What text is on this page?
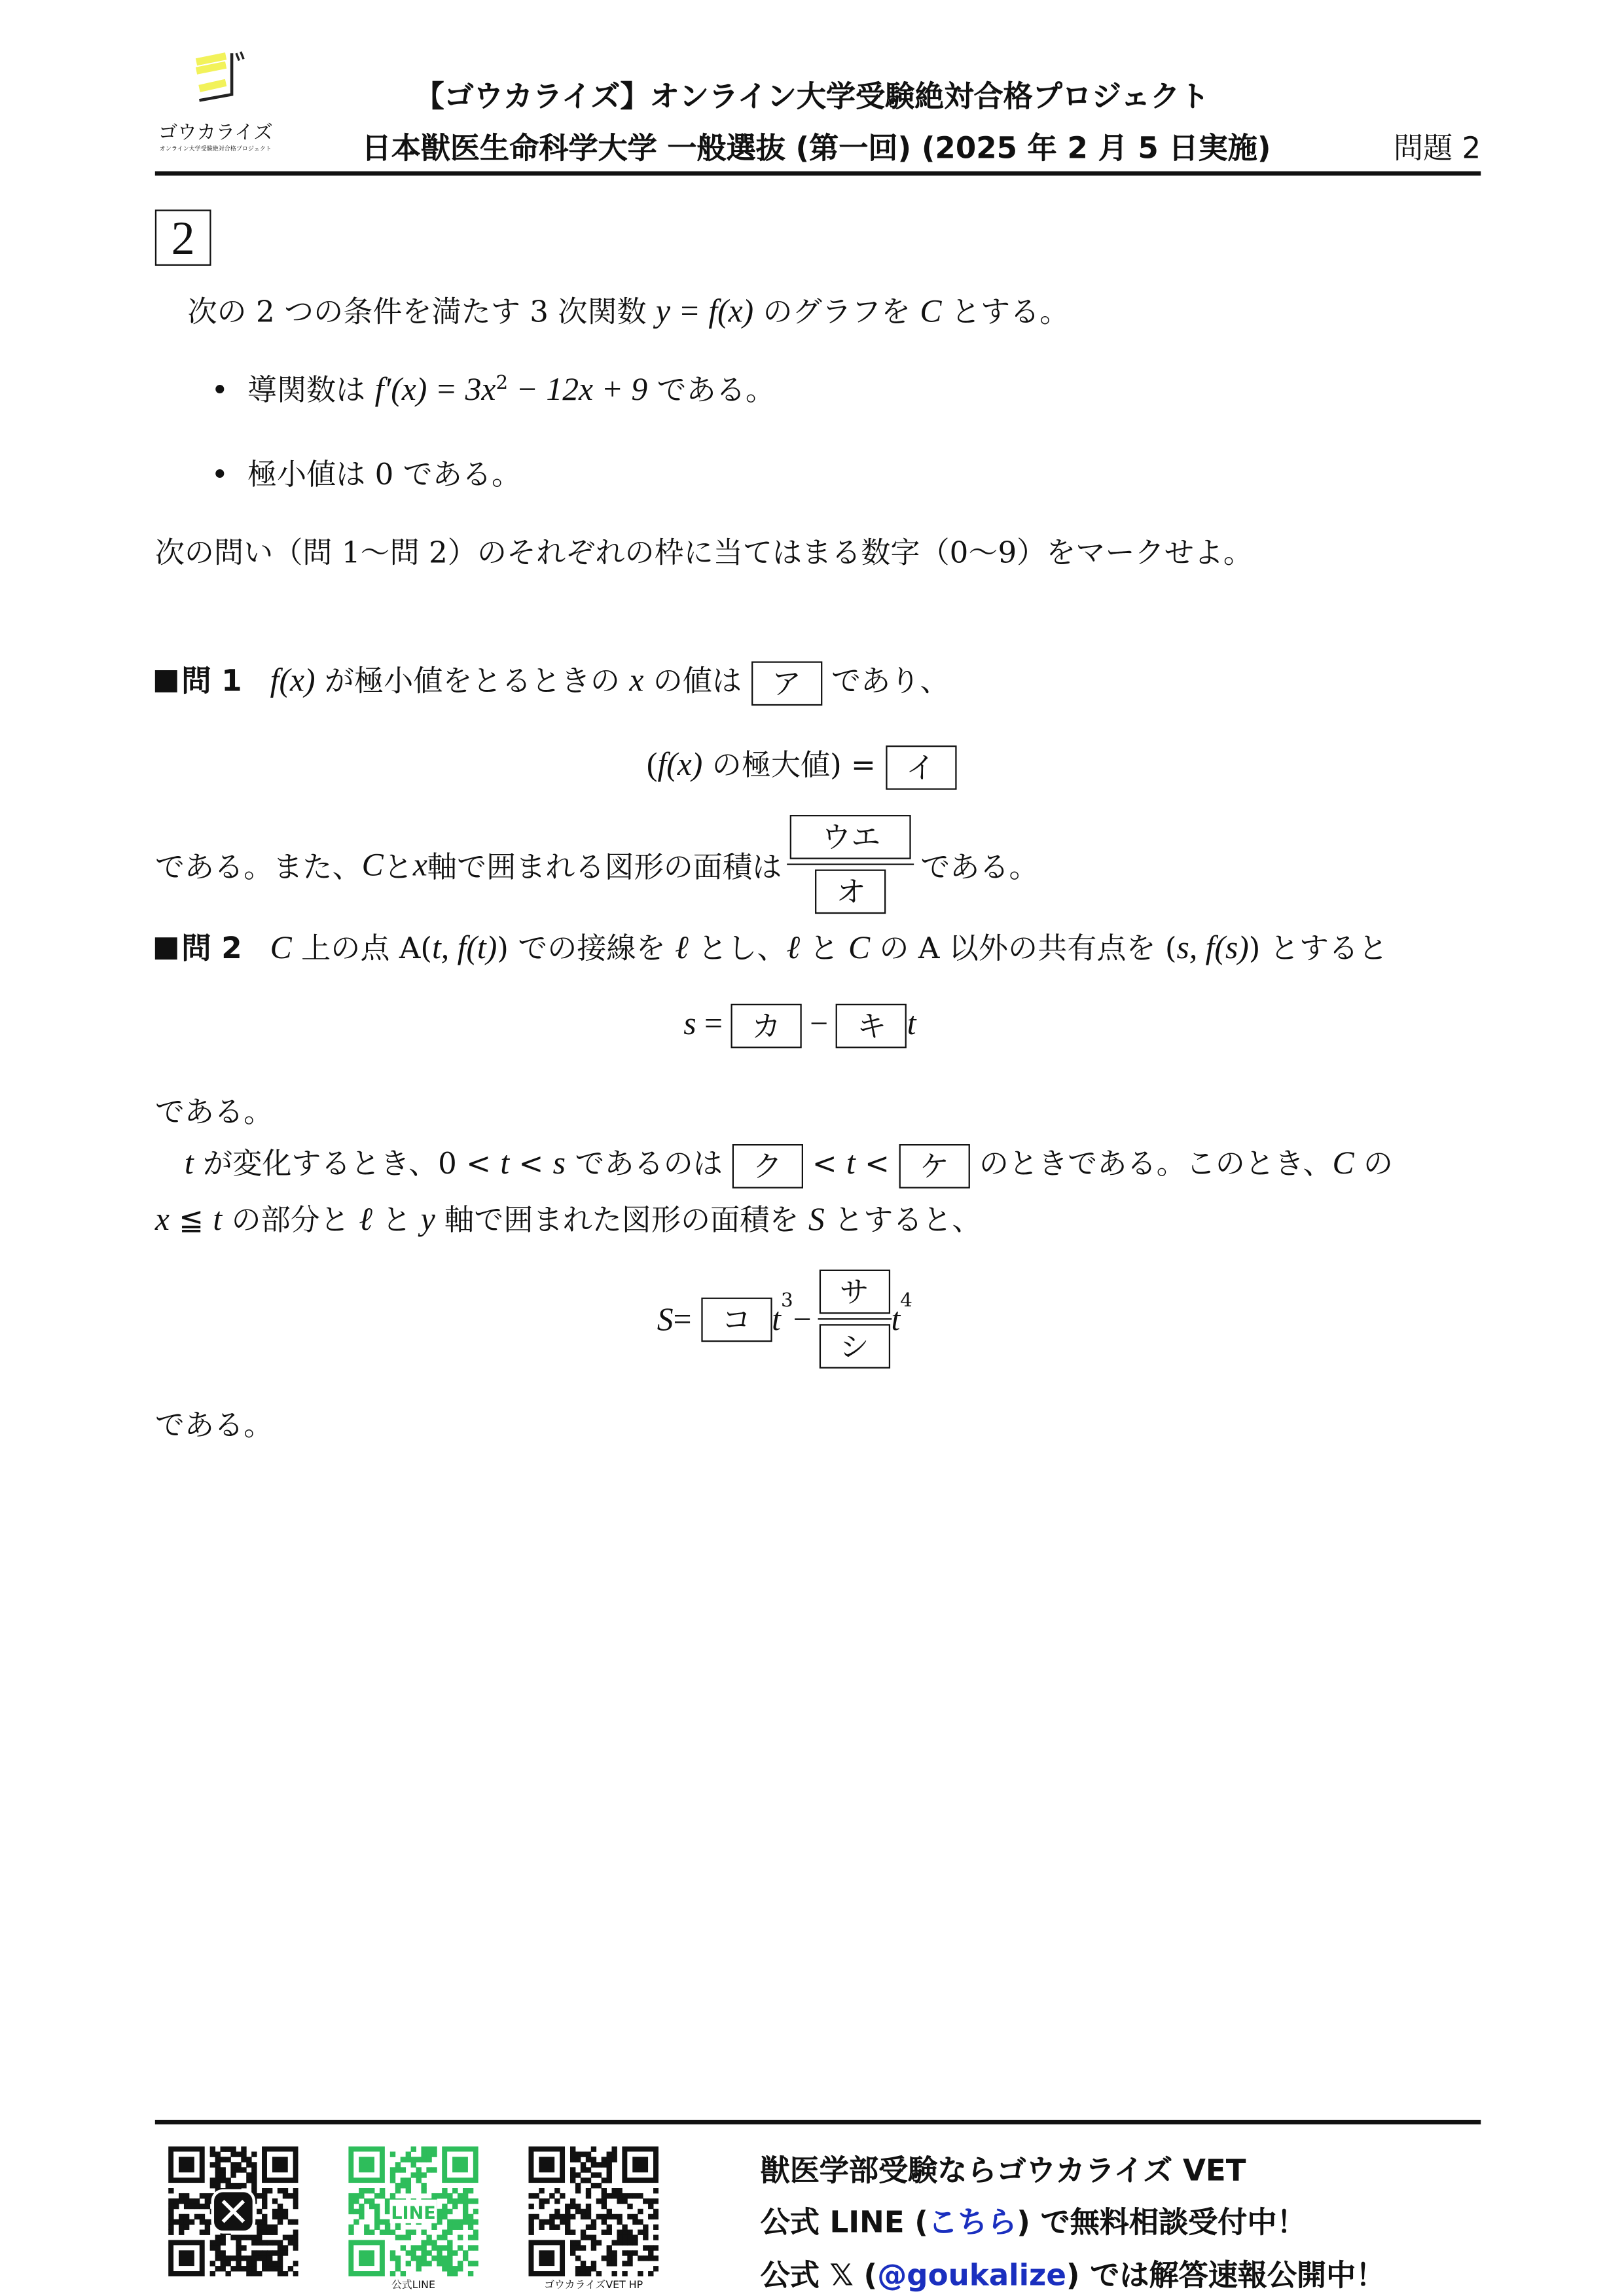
ゴウカライズ
オンライン大学受験絶対合格プロジェクト
【ゴウカライズ】オンライン大学受験絶対合格プロジェクト
日本獣医生命科学大学 一般選抜 (第一回) (2025 年 2 月 5 日実施)	問題 2
2
次の 2 つの条件を満たす 3 次関数 y = f(x) のグラフを C とする。
•  導関数は $f'(x) = 3x^2 - 12x + 9$ である。
•  極小値は 0 である。
次の問い（問 1〜問 2）のそれぞれの枠に当てはまる数字（0〜9）をマークせよ。
問 1 f(x) が極小値をとるときの x の値は ア であり、
(f(x) の極大値) = イ
である。また、 C と x 軸で囲まれる図形の面積は $\frac{\text{ウエ}}{\text{オ}}$ である。
問 2 C 上の点 A(t, f(t)) での接線を ℓ とし、ℓ と C の A 以外の共有点を (s, f(s)) とすると
s = カ − キ t
である。
t が変化するとき、0 < t < s であるのは ク < t < ケ のときである。このとき、C の
x ≦ t の部分と ℓ と y 軸で囲まれた図形の面積を S とすると、
S =
	コ	$t^3 - \frac{\text{サ}}{\text{シ}} t^4$
である。
LINE
公式LINE	ゴウカライズVET HP
獣医学部受験ならゴウカライズ VET
公式 LINE (こちら) で無料相談受付中！
公式 𝕏 (@goukalize) では解答速報公開中！
